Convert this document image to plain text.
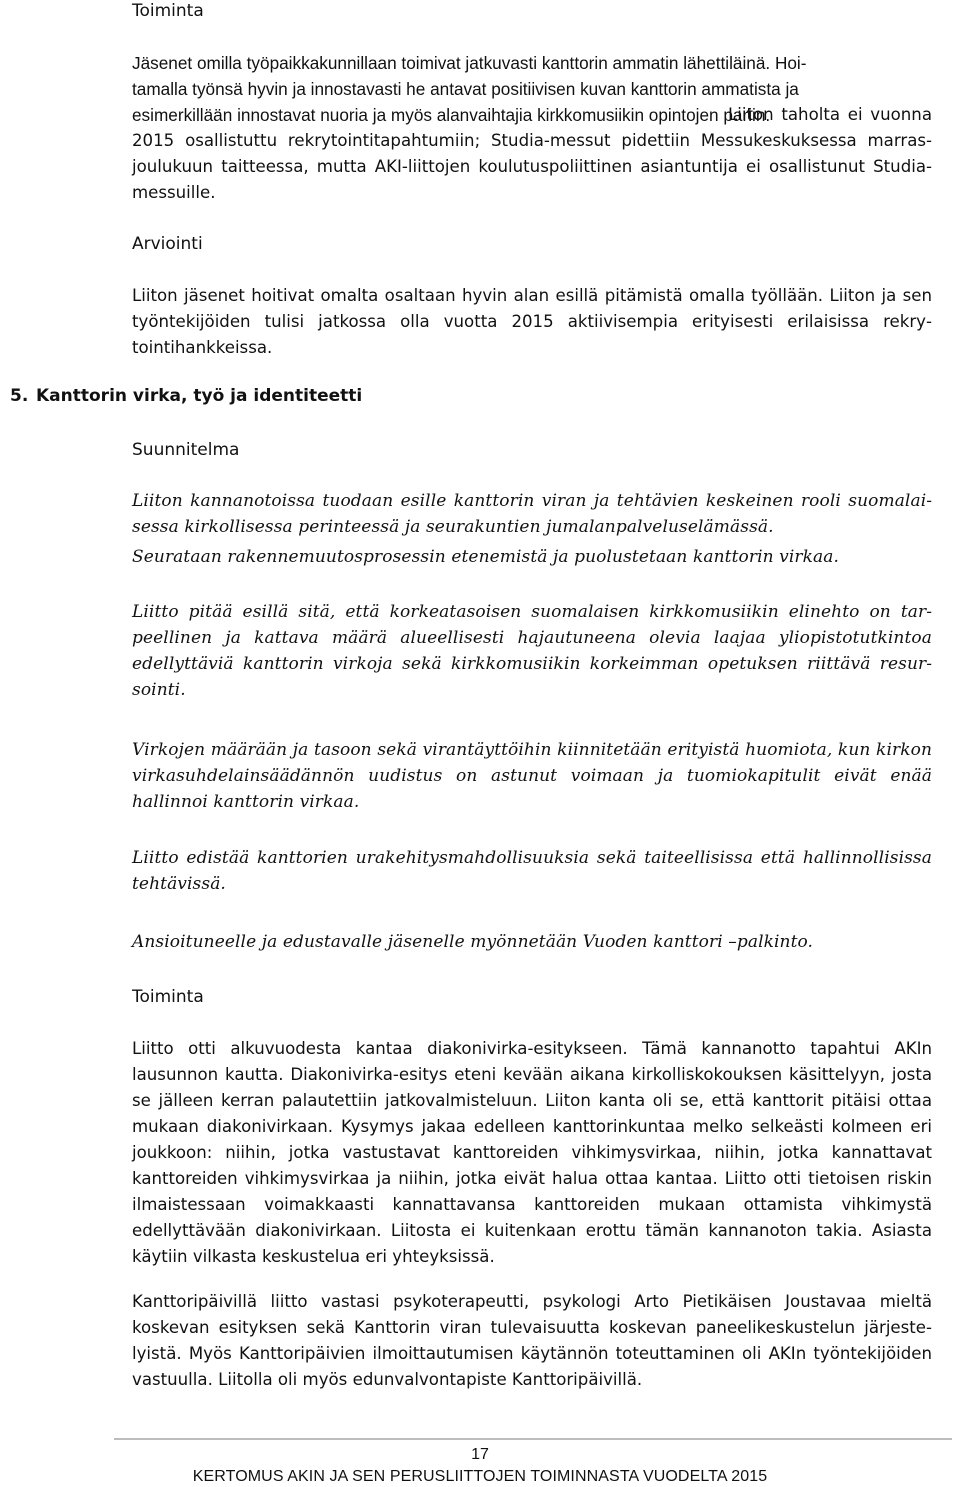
Toiminta

Jäsenet omilla työpaikkakunnillaan toimivat jatkuvasti kanttorin ammatin lähettiläinä. Hoi-

tamalla työnsä hyvin ja innostavasti he antavat positiivisen kuvan kanttorin ammatista ja

esimerkillään innostavat nuoria ja myös alanvaihtajia kirkkomusiikin opintojen pariin.

Liiton taholta ei vuonna 2015 osallistuttu rekrytointitapahtumiin; Studia-messut pidettiin Messukeskuksessa marras-joulukuun taitteessa, mutta AKI-liittojen koulutuspoliittinen asiantuntija ei osallistunut Studia-messuille.

Arviointi

Liiton jäsenet hoitivat omalta osaltaan hyvin alan esillä pitämistä omalla työllään. Liiton ja sen työntekijöiden tulisi jatkossa olla vuotta 2015 aktiivisempia erityisesti erilaisissa rekrytointihankkeissa.

5. Kanttorin virka, työ ja identiteetti
Suunnitelma

Liiton kannanotoissa tuodaan esille kanttorin viran ja tehtävien keskeinen rooli suomalaisessa kirkollisessa perinteessä ja seurakuntien jumalanpalveluselämässä.

Seurataan rakennemuutosprosessin etenemistä ja puolustetaan kanttorin virkaa.

Liitto pitää esillä sitä, että korkeatasoisen suomalaisen kirkkomusiikin elinehto on tarpeellinen ja kattava määrä alueellisesti hajautuneena olevia laajaa yliopistotutkintoa edellyttäviä kanttorin virkoja sekä kirkkomusiikin korkeimman opetuksen riittävä resursointi.

Virkojen määrään ja tasoon sekä virantäyttöihin kiinnitetään erityistä huomiota, kun kirkon virkasuhdelainsäädännön uudistus on astunut voimaan ja tuomiokapitulit eivät enää hallinnoi kanttorin virkaa.

Liitto edistää kanttorien urakehitysmahdollisuuksia sekä taiteellisissa että hallinnollisissa tehtävissä.

Ansioituneelle ja edustavalle jäsenelle myönnetään Vuoden kanttori –palkinto.

Toiminta

Liitto otti alkuvuodesta kantaa diakonivirka-esitykseen. Tämä kannanotto tapahtui AKIn lausunnon kautta. Diakonivirka-esitys eteni kevään aikana kirkolliskokouksen käsittelyyn, josta se jälleen kerran palautettiin jatkovalmisteluun. Liiton kanta oli se, että kanttorit pitäisi ottaa mukaan diakonivirkaan. Kysymys jakaa edelleen kanttorinkuntaa melko selkeästi kolmeen eri joukkoon: niihin, jotka vastustavat kanttoreiden vihkimysvirkaa, niihin, jotka kannattavat kanttoreiden vihkimysvirkaa ja niihin, jotka eivät halua ottaa kantaa. Liitto otti tietoisen riskin ilmaistessaan voimakkaasti kannattavansa kanttoreiden mukaan ottamista vihkimystä edellyttävään diakonivirkaan. Liitosta ei kuitenkaan erottu tämän kannanoton takia. Asiasta käytiin vilkasta keskustelua eri yhteyksissä.

Kanttoripäivillä liitto vastasi psykoterapeutti, psykologi Arto Pietikäisen Joustavaa mieltä koskevan esityksen sekä Kanttorin viran tulevaisuutta koskevan paneelikeskustelun järjestelyistä. Myös Kanttoripäivien ilmoittautumisen käytännön toteuttaminen oli AKIn työntekijöiden vastuulla. Liitolla oli myös edunvalvontapiste Kanttoripäivillä.

17
KERTOMUS AKIN JA SEN PERUSLIITTOJEN TOIMINNASTA VUODELTA 2015
